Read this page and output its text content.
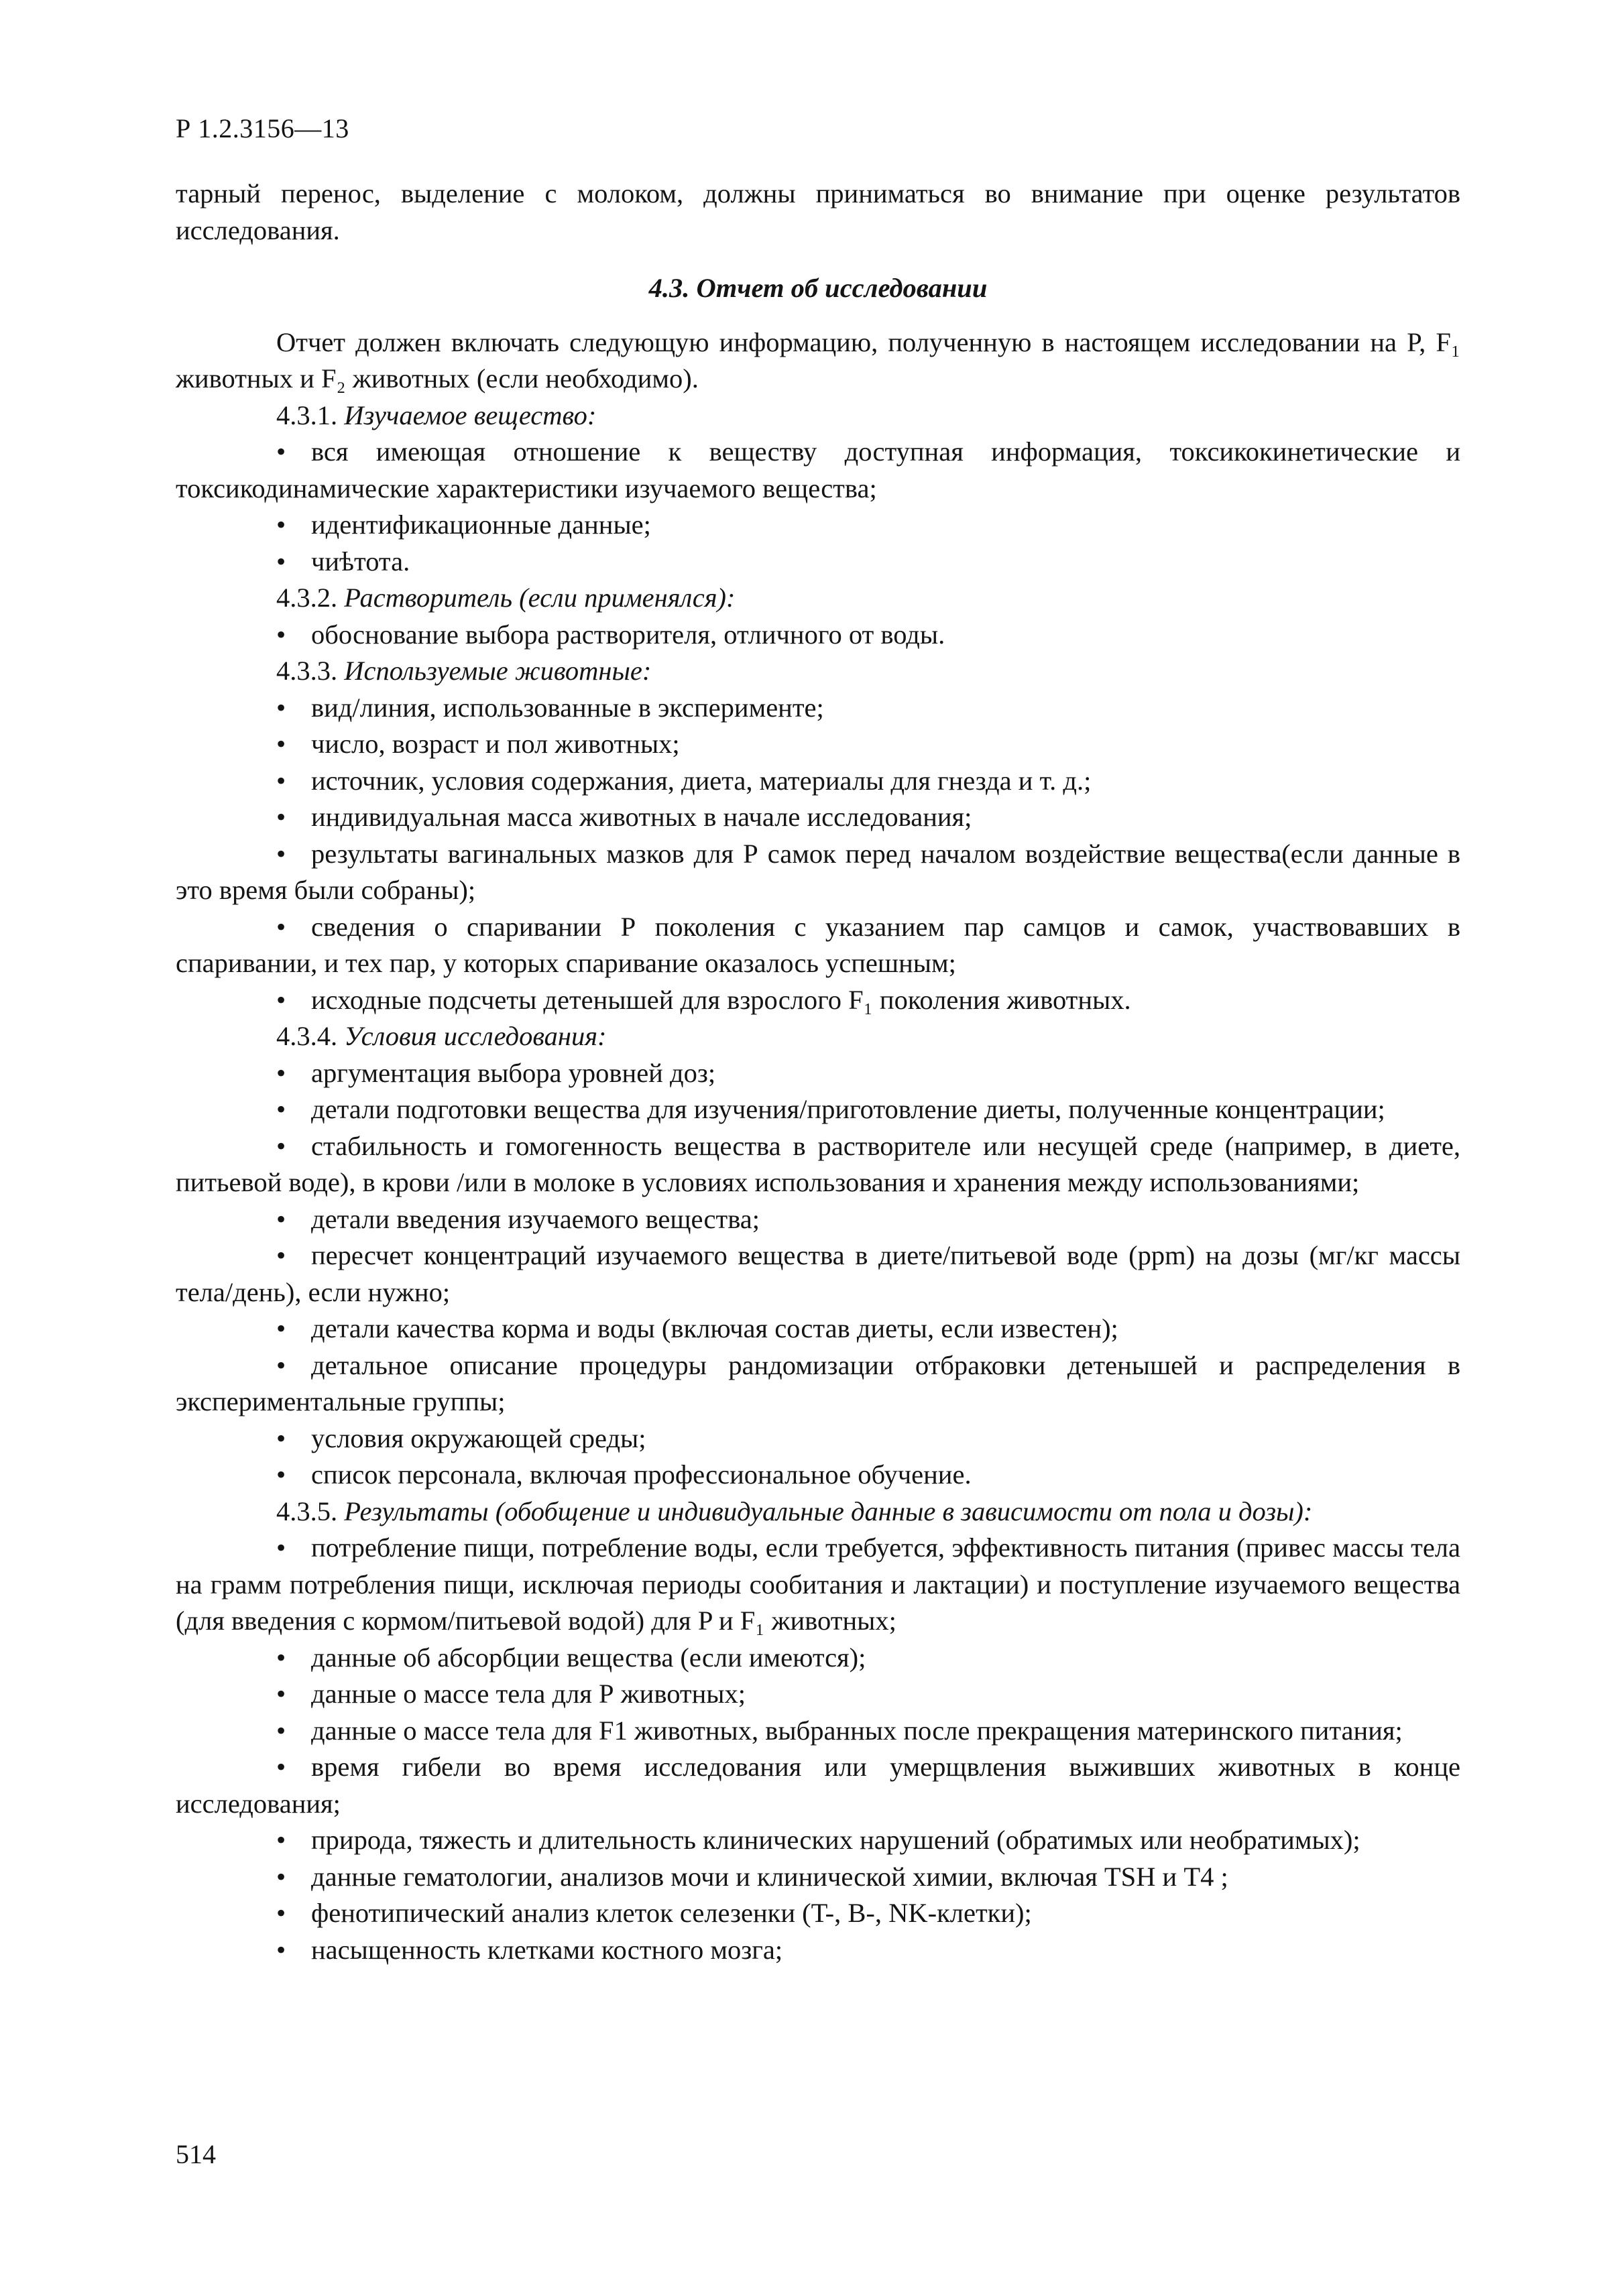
Р 1.2.3156—13

тарный перенос, выделение с молоком, должны приниматься во внимание при оценке результатов исследования.

4.3. Отчет об исследовании

Отчет должен включать следующую информацию, полученную в настоящем исследовании на P, F₁ животных и F₂ животных (если необходимо).

4.3.1. Изучаемое вещество:

•вся имеющая отношение к веществу доступная информация, токсикокинетические и токсикодинамические характеристики изучаемого вещества;

•идентификационные данные;

•чиѣтота.

4.3.2. Растворитель (если применялся):

•обоснование выбора растворителя, отличного от воды.

4.3.3. Используемые животные:

•вид/линия, использованные в эксперименте;

•число, возраст и пол животных;

•источник, условия содержания, диета, материалы для гнезда и т. д.;

•индивидуальная масса животных в начале исследования;

•результаты вагинальных мазков для Р самок перед началом воздействие вещества(если данные в это время были собраны);

•сведения о спаривании Р поколения с указанием пар самцов и самок, участвовавших в спаривании, и тех пар, у которых спаривание оказалось успешным;

•исходные подсчеты детенышей для взрослого F₁ поколения животных.

4.3.4. Условия исследования:

•аргументация выбора уровней доз;

•детали подготовки вещества для изучения/приготовление диеты, полученные концентрации;

•стабильность и гомогенность вещества в растворителе или несущей среде (например, в диете, питьевой воде), в крови /или в молоке в условиях использования и хранения между использованиями;

•детали введения изучаемого вещества;

•пересчет концентраций изучаемого вещества в диете/питьевой воде (ppm) на дозы (мг/кг массы тела/день), если нужно;

•детали качества корма и воды (включая состав диеты, если известен);

•детальное описание процедуры рандомизации отбраковки детенышей и распределения в экспериментальные группы;

•условия окружающей среды;

•список персонала, включая профессиональное обучение.

4.3.5. Результаты (обобщение и индивидуальные данные в зависимости от пола и дозы):

•потребление пищи, потребление воды, если требуется, эффективность питания (привес массы тела на грамм потребления пищи, исключая периоды сообитания и лактации) и поступление изучаемого вещества (для введения с кормом/питьевой водой) для P и F₁ животных;

•данные об абсорбции вещества (если имеются);

•данные о массе тела для Р животных;

•данные о массе тела для F1 животных, выбранных после прекращения материнского питания;

•время гибели во время исследования или умерщвления выживших животных в конце исследования;

•природа, тяжесть и длительность клинических нарушений (обратимых или необратимых);

•данные гематологии, анализов мочи и клинической химии, включая TSH и T4 ;

•фенотипический анализ клеток селезенки (T-, B-, NK-клетки);

•насыщенность клетками костного мозга;

514
